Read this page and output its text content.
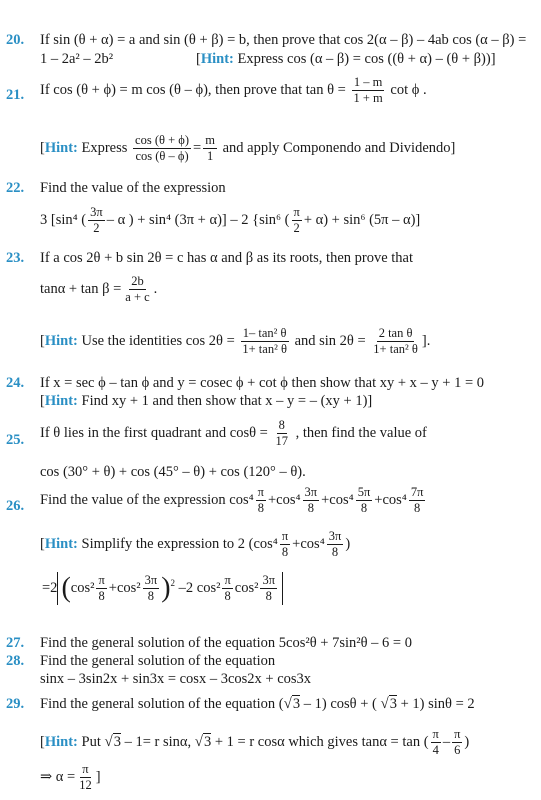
20. If sin (θ + α) = a and sin (θ + β) = b, then prove that cos 2(α – β) – 4ab cos (α – β) =
1 – 2a² – 2b²	[Hint: Express cos (α – β) = cos ((θ + α) – (θ + β))]
21. If cos (θ + ϕ) = m cos (θ – ϕ), then prove that $\tan \theta = \frac{1 - m}{1 + m}$ cot ϕ .
[Hint: Express $\frac{\cos (\theta + \phi)}{\cos (\theta - \phi)} = \frac{m}{1}$ and apply Componendo and Dividendo]
22. Find the value of the expression
3 [sin⁴ ( $\frac{3\pi}{2}$ – α ) + sin⁴ (3π + α)] – 2 {sin⁶ ( $\frac{\pi}{2} + \alpha) + \sin^6$ (5π – α)]
23. If a cos 2θ + b sin 2θ = c has α and β as its roots, then prove that
$\tan\alpha + \tan \beta = \frac{2b}{a + c}$ .
[Hint: Use the identities $\cos 2\theta = \frac{\text{1– tan² θ}}{\text{1+ tan² θ}}$ and $\sin 2\theta = \frac{\text{2 tan θ}}{\text{1+ tan² θ}}$ ].
24. If x = sec ϕ – tan ϕ and y = cosec ϕ + cot ϕ then show that xy + x – y + 1 = 0
[Hint: Find xy + 1 and then show that x – y = – (xy + 1)]
25. If θ lies in the first quadrant and $\cos\theta = \frac{8}{17}$ , then find the value of
cos (30° + θ) + cos (45° – θ) + cos (120° – θ).
26. Find the value of the expression $\cos^4 \frac{\pi}{8} +\cos^4 \frac{3\pi}{8} +\cos^4 \frac{5\pi}{8} +\cos^4 \frac{7\pi}{8}$
[Hint: Simplify the expression to 2 ($\cos^4 \frac{\pi}{8} +\cos^4 \frac{3\pi}{8}$ )
=2 $(\cos^2 \frac{\pi}{8} +\cos^2 \frac{3\pi}{8} )^2$ –2 $\cos^2 \frac{\pi}{8} \cos^2 \frac{3\pi}{8}$
27. Find the general solution of the equation 5cos²θ + 7sin²θ – 6 = 0
28. Find the general solution of the equation
sinx – 3sin2x + sin3x = cosx – 3cos2x + cos3x
29. Find the general solution of the equation (√3 – 1) cosθ + ( √3 + 1) sinθ = 2
[Hint: Put √3 – 1= r sinα, √3 + 1 = r cosα which gives tanα = tan ( $\frac{\pi}{4} - \frac{\pi}{6}$ )
⇒ $\alpha = \frac{\pi}{12}$ ]
